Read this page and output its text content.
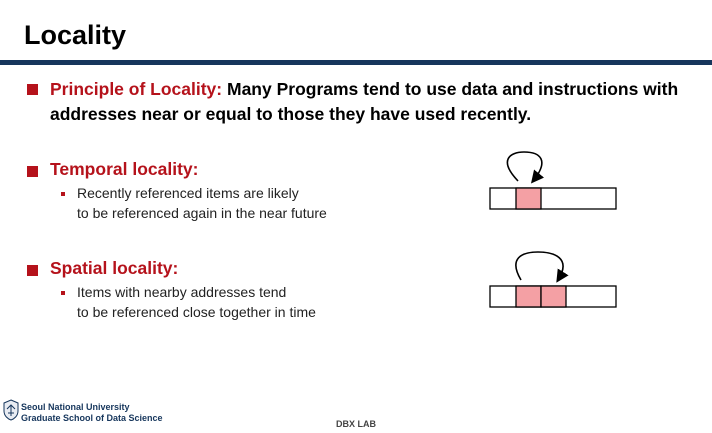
Locality
Principle of Locality: Many Programs tend to use data and instructions with
addresses near or equal to those they have used recently.
Temporal locality:
Recently referenced items are likely
to be referenced again in the near future
Spatial locality:
Items with nearby addresses tend
to be referenced close together in time
Seoul National University
Graduate School of Data Science
DBX LAB
